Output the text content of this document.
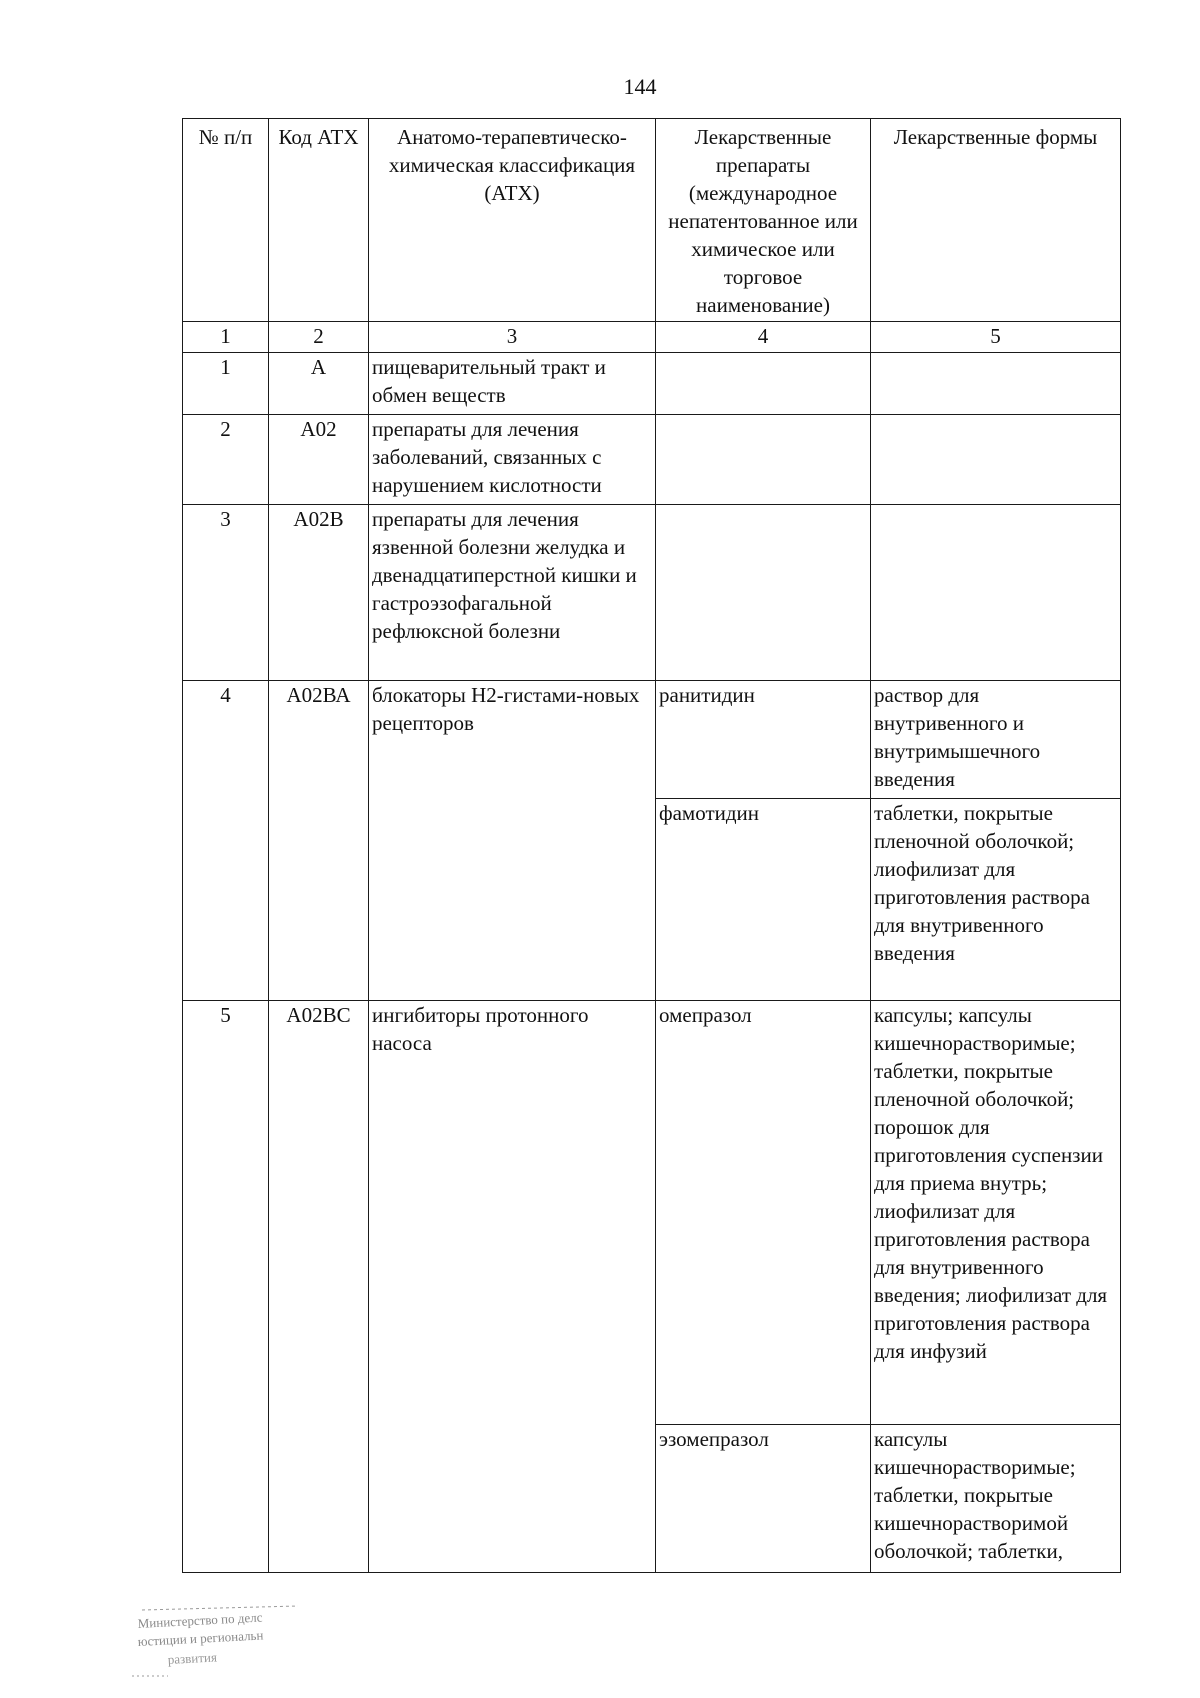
144
№ п/п	Код АТХ	Анатомо-терапевтическо-химическая классификация (АТХ)	Лекарственные препараты (международное непатентованное или химическое или торговое наименование)	Лекарственные формы
1	2	3	4	5
1	А	пищеварительный тракт и обмен веществ		
2	А02	препараты для лечения заболеваний, связанных с нарушением кислотности		
3	А02В	препараты для лечения язвенной болезни желудка и двенадцатиперстной кишки и гастроэзофагальной рефлюксной болезни		
4	А02ВА	блокаторы Н2-гистами-новых рецепторов	ранитидин	раствор для внутривенного и внутримышечного введения
			фамотидин	таблетки, покрытые пленочной оболочкой; лиофилизат для приготовления раствора для внутривенного введения
5	А02ВС	ингибиторы протонного насоса	омепразол	капсулы; капсулы кишечнорастворимые; таблетки, покрытые пленочной оболочкой; порошок для приготовления суспензии для приема внутрь; лиофилизат для приготовления раствора для внутривенного введения; лиофилизат для приготовления раствора для инфузий
			эзомепразол	капсулы кишечнорастворимые; таблетки, покрытые кишечнорастворимой оболочкой; таблетки,
Министерство по делс
юстиции и региональн
развития
